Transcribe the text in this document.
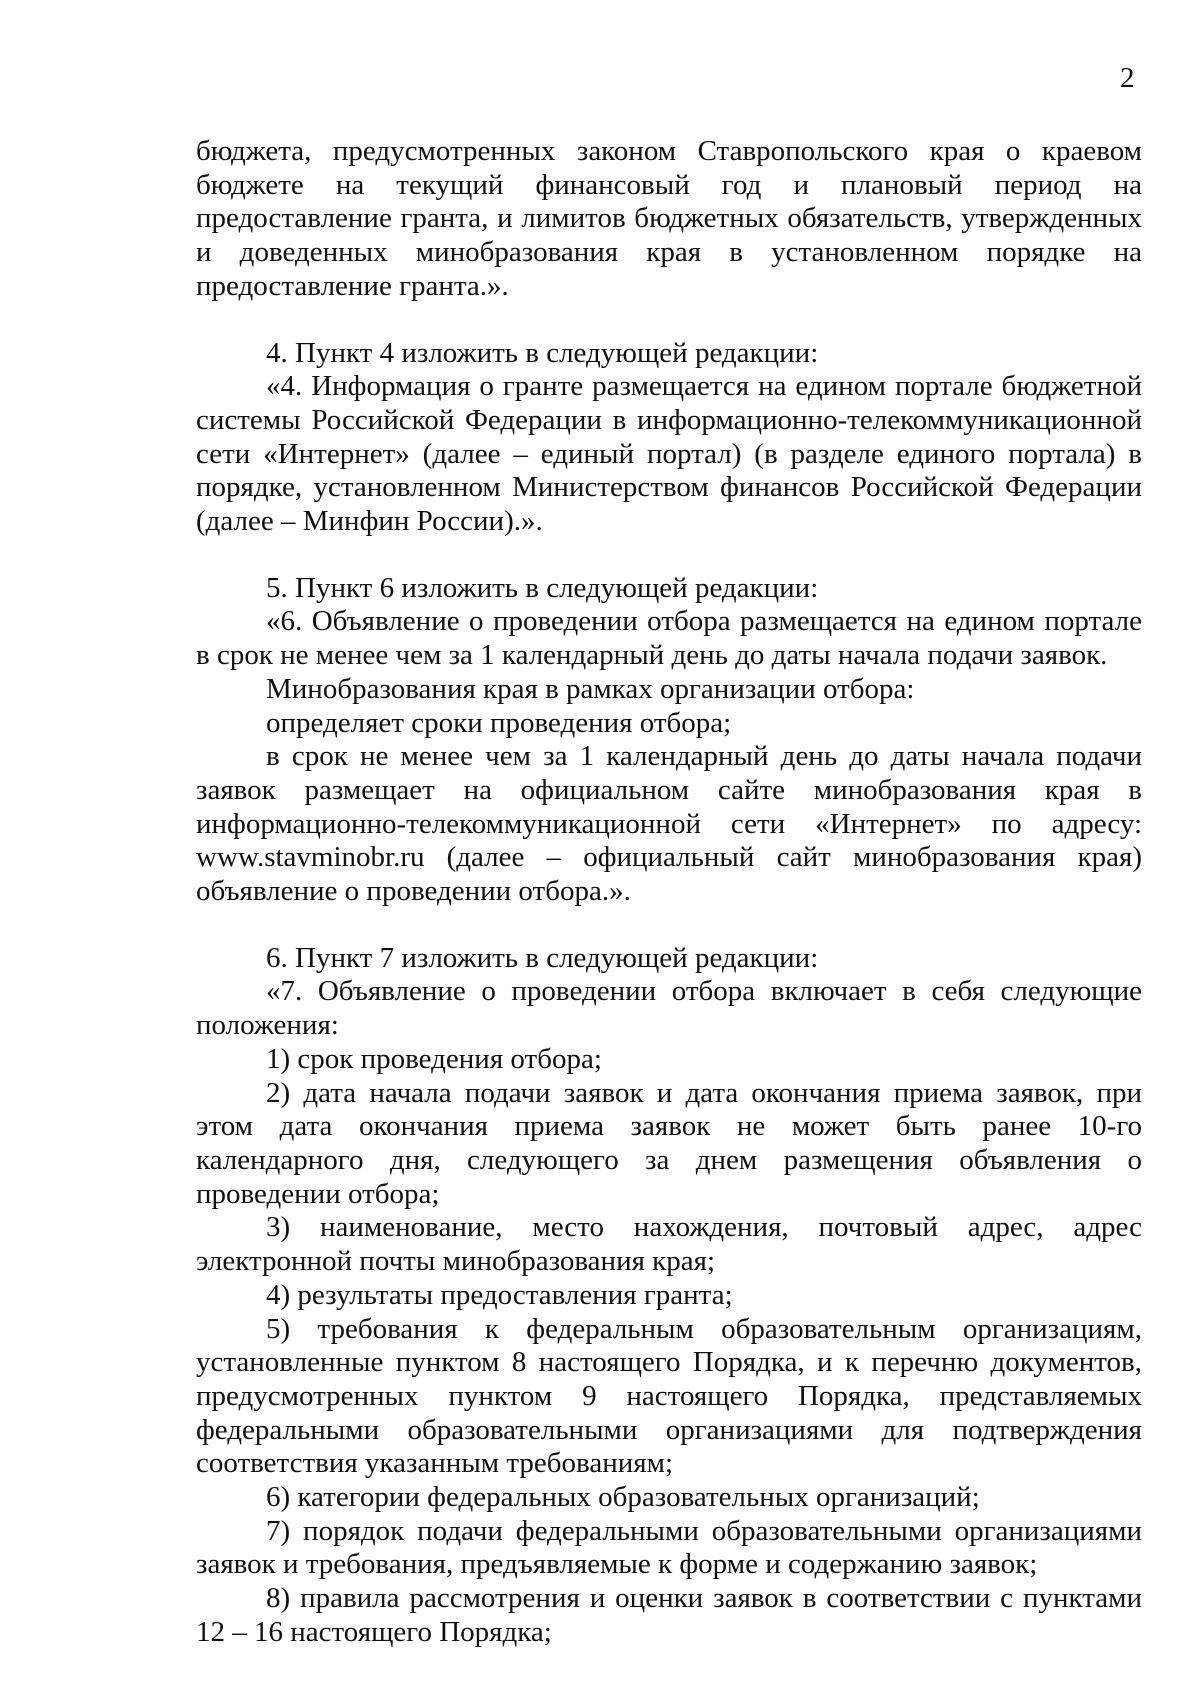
2

бюджета, предусмотренных законом Ставропольского края о краевом бюджете на текущий финансовый год и плановый период на предоставление гранта, и лимитов бюджетных обязательств, утвержденных и доведенных минобразования края в установленном порядке на предоставление гранта.».

4. Пункт 4 изложить в следующей редакции:

«4. Информация о гранте размещается на едином портале бюджетной системы Российской Федерации в информационно-телекоммуникационной сети «Интернет» (далее – единый портал) (в разделе единого портала) в порядке, установленном Министерством финансов Российской Федерации (далее – Минфин России).».

5. Пункт 6 изложить в следующей редакции:

«6. Объявление о проведении отбора размещается на едином портале в срок не менее чем за 1 календарный день до даты начала подачи заявок.

Минобразования края в рамках организации отбора:

определяет сроки проведения отбора;

в срок не менее чем за 1 календарный день до даты начала подачи заявок размещает на официальном сайте минобразования края в информационно-телекоммуникационной сети «Интернет» по адресу: www.stavminobr.ru (далее – официальный сайт минобразования края) объявление о проведении отбора.».

6. Пункт 7 изложить в следующей редакции:

«7. Объявление о проведении отбора включает в себя следующие положения:

1) срок проведения отбора;

2) дата начала подачи заявок и дата окончания приема заявок, при этом дата окончания приема заявок не может быть ранее 10-го календарного дня, следующего за днем размещения объявления о проведении отбора;

3) наименование, место нахождения, почтовый адрес, адрес электронной почты минобразования края;

4) результаты предоставления гранта;

5) требования к федеральным образовательным организациям, установленные пунктом 8 настоящего Порядка, и к перечню документов, предусмотренных пунктом 9 настоящего Порядка, представляемых федеральными образовательными организациями для подтверждения соответствия указанным требованиям;

6) категории федеральных образовательных организаций;

7) порядок подачи федеральными образовательными организациями заявок и требования, предъявляемые к форме и содержанию заявок;

8) правила рассмотрения и оценки заявок в соответствии с пунктами 12 – 16 настоящего Порядка;
